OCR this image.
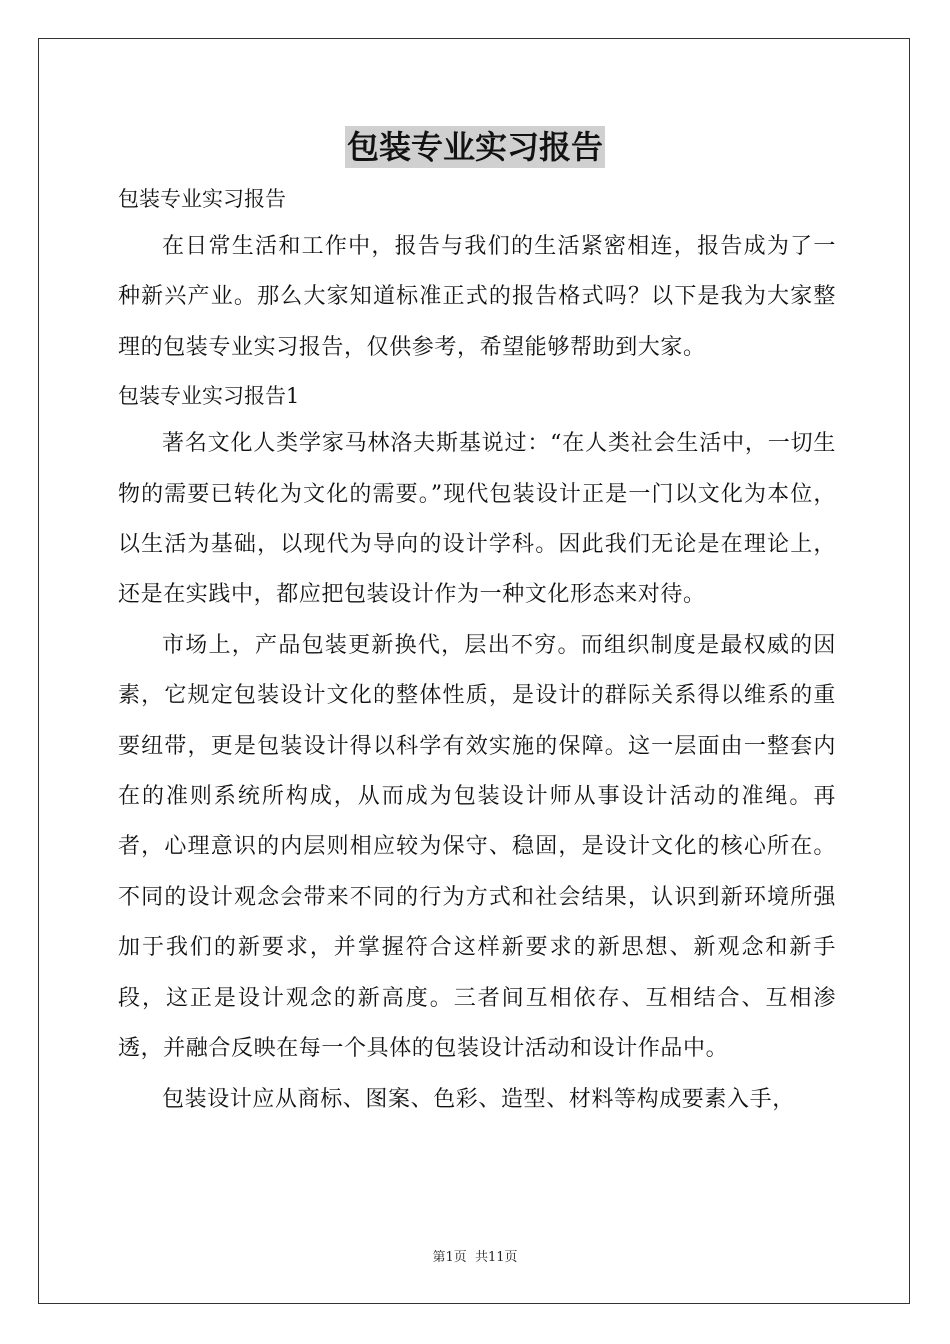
包装专业实习报告

包装专业实习报告

在日常生活和工作中，报告与我们的生活紧密相连，报告成为了一种新兴产业。那么大家知道标准正式的报告格式吗？以下是我为大家整理的包装专业实习报告，仅供参考，希望能够帮助到大家。

包装专业实习报告1

著名文化人类学家马林洛夫斯基说过：“在人类社会生活中，一切生物的需要已转化为文化的需要。”现代包装设计正是一门以文化为本位，以生活为基础，以现代为导向的设计学科。因此我们无论是在理论上，还是在实践中，都应把包装设计作为一种文化形态来对待。

市场上，产品包装更新换代，层出不穷。而组织制度是最权威的因素，它规定包装设计文化的整体性质，是设计的群际关系得以维系的重要纽带，更是包装设计得以科学有效实施的保障。这一层面由一整套内在的准则系统所构成，从而成为包装设计师从事设计活动的准绳。再者，心理意识的内层则相应较为保守、稳固，是设计文化的核心所在。不同的设计观念会带来不同的行为方式和社会结果，认识到新环境所强加于我们的新要求，并掌握符合这样新要求的新思想、新观念和新手段，这正是设计观念的新高度。三者间互相依存、互相结合、互相渗透，并融合反映在每一个具体的包装设计活动和设计作品中。

包装设计应从商标、图案、色彩、造型、材料等构成要素入手，

第1页 共11页
